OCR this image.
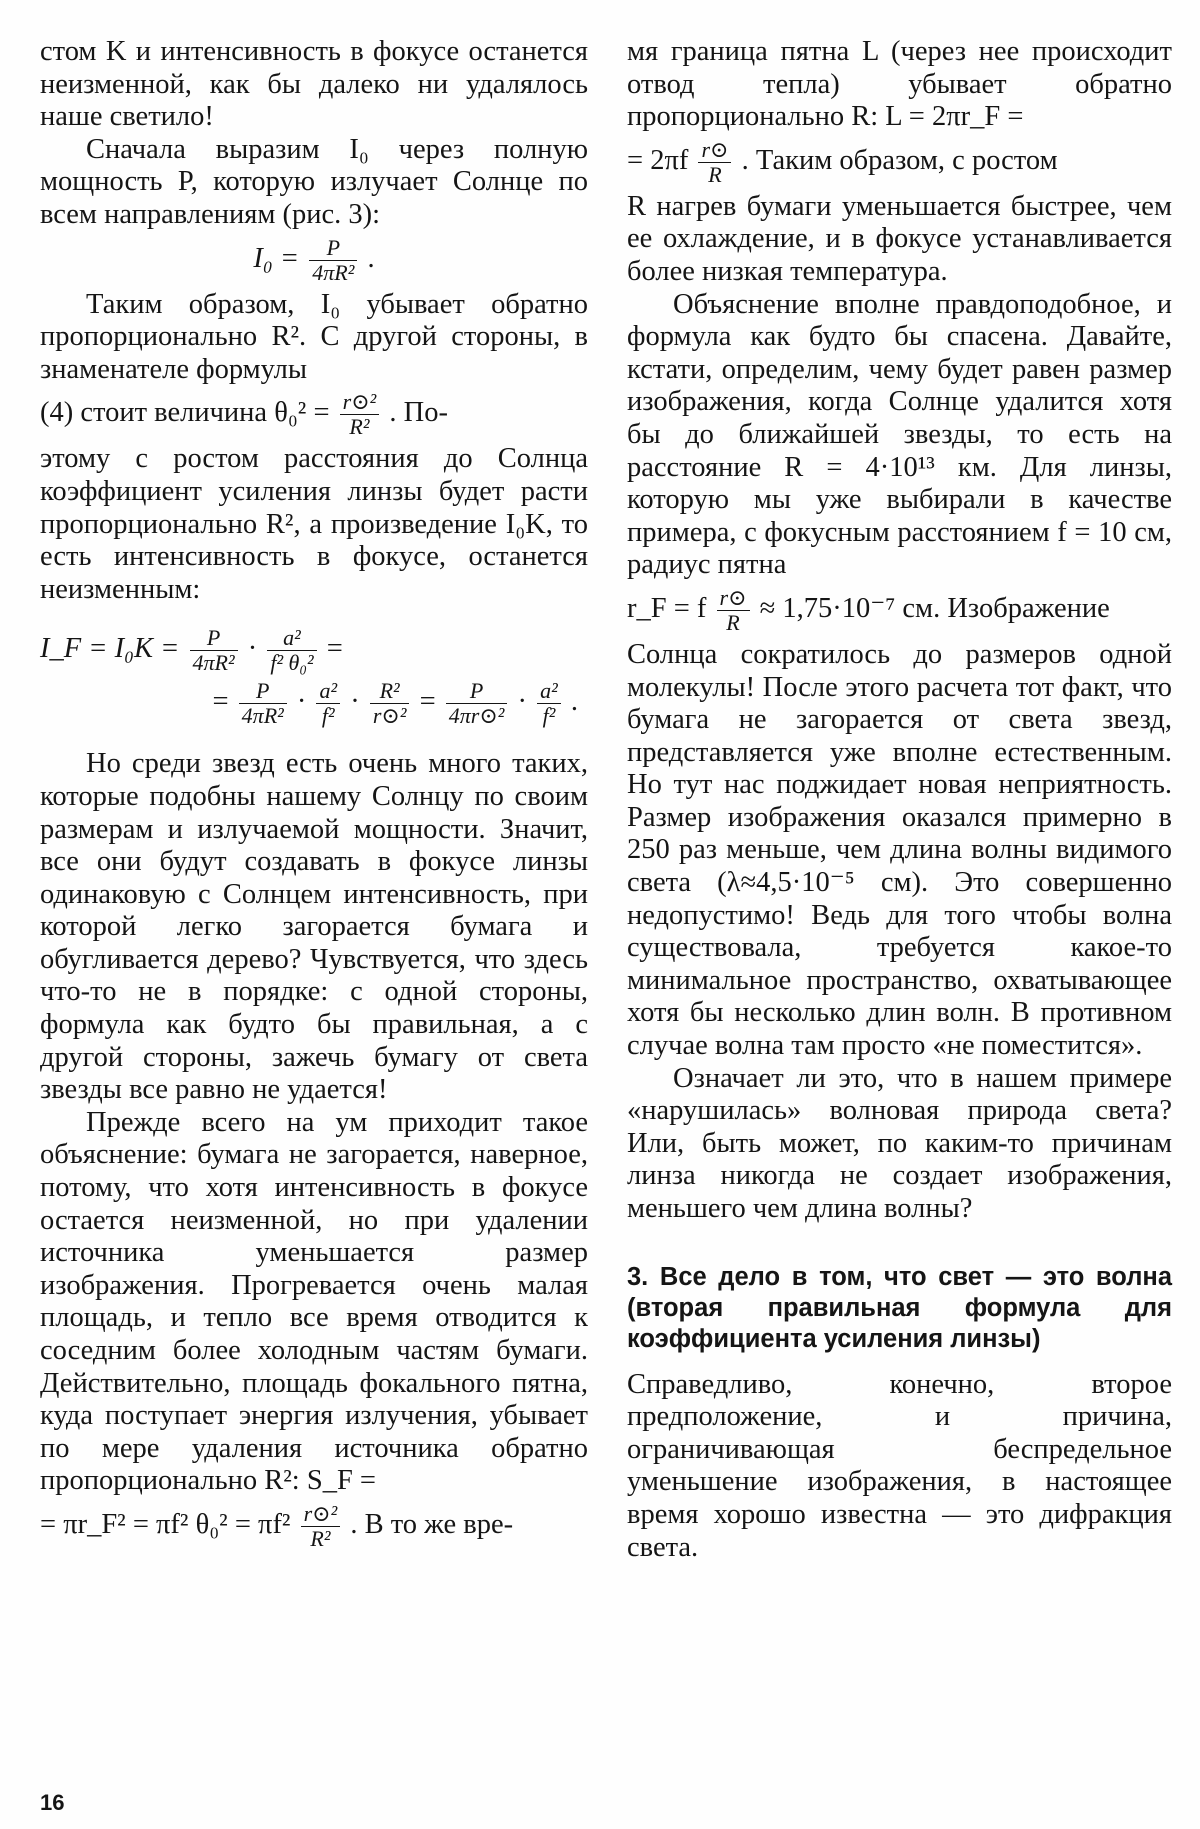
стом K и интенсивность в фокусе останется неизменной, как бы далеко ни удалялось наше светило!

Сначала выразим I₀ через полную мощность P, которую излучает Солнце по всем направлениям (рис. 3):

$I_0 = \frac{P}{\text{4πR²}}$ .

Таким образом, I₀ убывает обратно пропорционально R². С другой стороны, в знаменателе формулы

(4) стоит величина $\theta_0^2 = \frac{\text{r⊙²}}{\text{R²}}$ . По-

этому с ростом расстояния до Солнца коэффициент усиления линзы будет расти пропорционально R², а произведение I₀K, то есть интенсивность в фокусе, останется неизменным:

I_F = $I_0K = \frac{P}{\text{4πR²}} \cdot \frac{\text{a²}}{\text{f² θ₀²}}$ =
= $\frac{P}{\text{4πR²}} \cdot \frac{\text{a²}}{\text{f²}} \cdot \frac{\text{R²}}{\text{r⊙²}} = \frac{P}{\text{4πr⊙²}} \cdot \frac{\text{a²}}{\text{f²}}$ .

Но среди звезд есть очень много таких, которые подобны нашему Солнцу по своим размерам и излучаемой мощности. Значит, все они будут создавать в фокусе линзы одинаковую с Солнцем интенсивность, при которой легко загорается бумага и обугливается дерево? Чувствуется, что здесь что-то не в порядке: с одной стороны, формула как будто бы правильная, а с другой стороны, зажечь бумагу от света звезды все равно не удается!

Прежде всего на ум приходит такое объяснение: бумага не загорается, наверное, потому, что хотя интенсивность в фокусе остается неизменной, но при удалении источника уменьшается размер изображения. Прогревается очень малая площадь, и тепло все время отводится к соседним более холодным частям бумаги. Действительно, площадь фокального пятна, куда поступает энергия излучения, убывает по мере удаления источника обратно пропорционально R²: S_F =

= πr_F² = πf² $\theta_0^2 = \pi f^2 \frac{\text{r⊙²}}{\text{R²}}$ . В то же вре-

мя граница пятна L (через нее происходит отвод тепла) убывает обратно пропорционально R: L = 2πr_F =

= $2\pi f \frac{r⊙}{R}$ . Таким образом, с ростом

R нагрев бумаги уменьшается быстрее, чем ее охлаждение, и в фокусе устанавливается более низкая температура.

Объяснение вполне правдоподобное, и формула как будто бы спасена. Давайте, кстати, определим, чему будет равен размер изображения, когда Солнце удалится хотя бы до ближайшей звезды, то есть на расстояние R = 4·10¹³ км. Для линзы, которую мы уже выбирали в качестве примера, с фокусным расстоянием f = 10 см, радиус пятна

r_F = f $\frac{r⊙}{R} \approx 1,75\cdot 10^{-7}$ см. Изображение

Солнца сократилось до размеров одной молекулы! После этого расчета тот факт, что бумага не загорается от света звезд, представляется уже вполне естественным. Но тут нас поджидает новая неприятность. Размер изображения оказался примерно в 250 раз меньше, чем длина волны видимого света (λ≈4,5·10⁻⁵ см). Это совершенно недопустимо! Ведь для того чтобы волна существовала, требуется какое-то минимальное пространство, охватывающее хотя бы несколько длин волн. В противном случае волна там просто «не поместится».

Означает ли это, что в нашем примере «нарушилась» волновая природа света? Или, быть может, по каким-то причинам линза никогда не создает изображения, меньшего чем длина волны?

3. Все дело в том, что свет — это волна (вторая правильная формула для коэффициента усиления линзы)

Справедливо, конечно, второе предположение, и причина, ограничивающая беспредельное уменьшение изображения, в настоящее время хорошо известна — это дифракция света.

16
